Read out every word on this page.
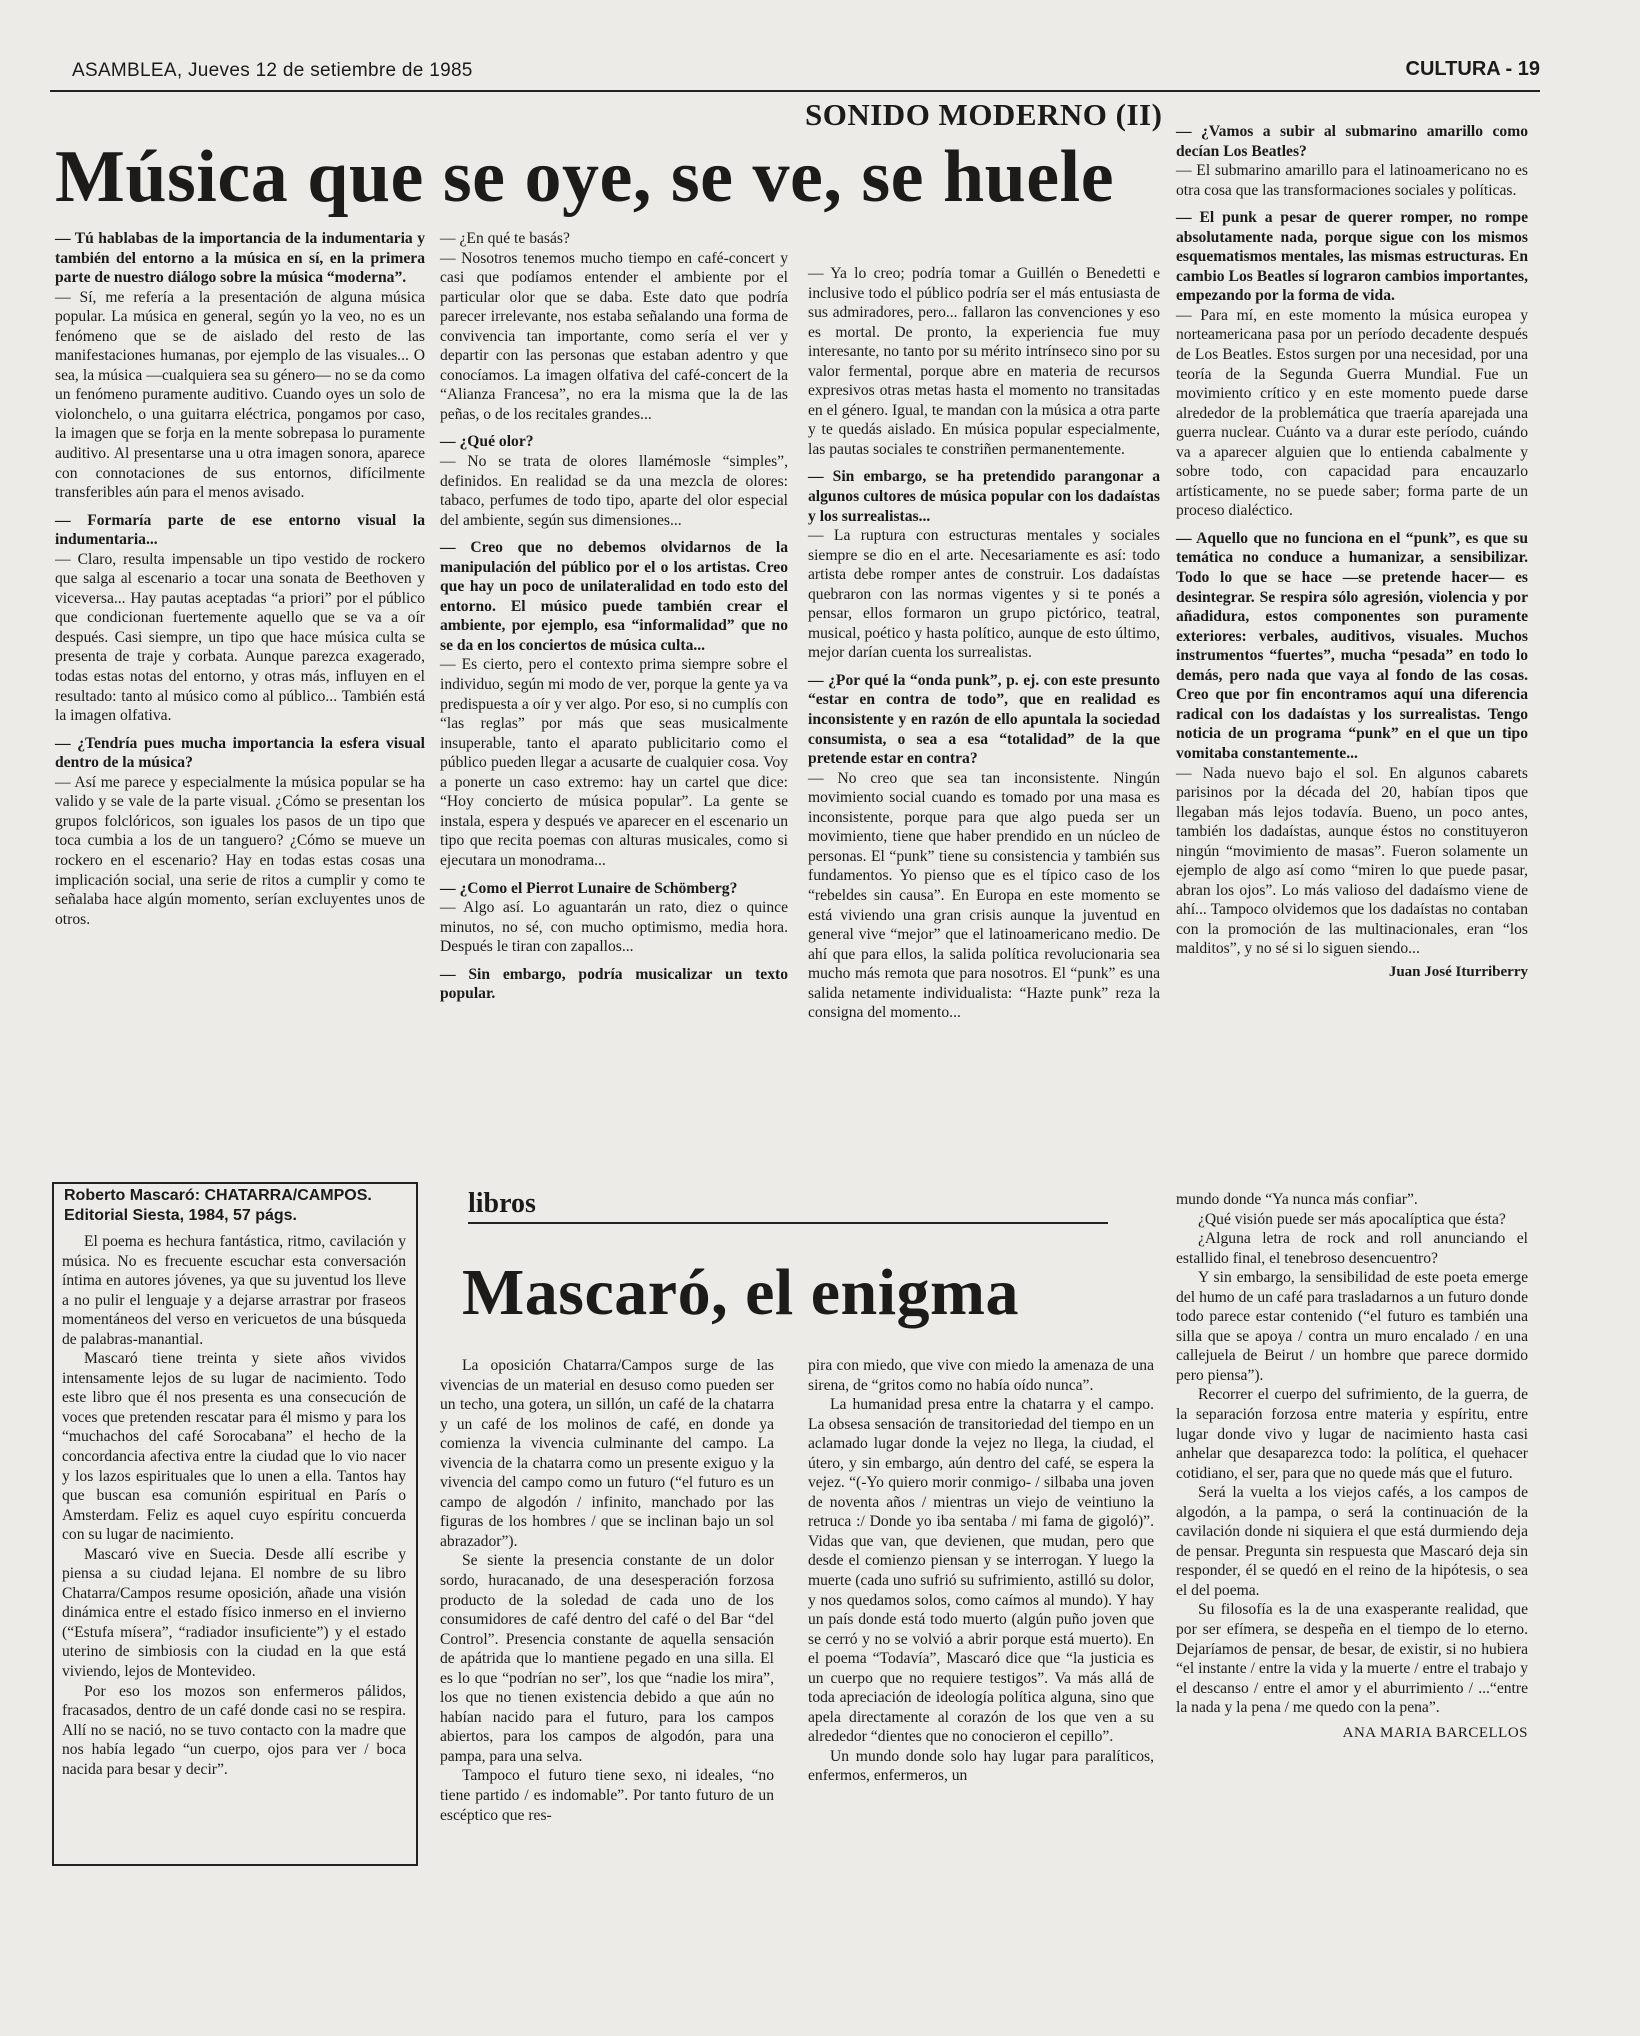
ASAMBLEA, Jueves 12 de setiembre de 1985	CULTURA - 19
SONIDO MODERNO (II)
Música que se oye, se ve, se huele

— Tú hablabas de la importancia de la indumentaria y también del entorno a la música en sí, en la primera parte de nuestro diálogo sobre la música “moderna”.

— Sí, me refería a la presentación de alguna música popular. La música en general, según yo la veo, no es un fenómeno que se de aislado del resto de las manifestaciones humanas, por ejemplo de las visuales... O sea, la música —cualquiera sea su género— no se da como un fenómeno puramente auditivo. Cuando oyes un solo de violonchelo, o una guitarra eléctrica, pongamos por caso, la imagen que se forja en la mente sobrepasa lo puramente auditivo. Al presentarse una u otra imagen sonora, aparece con connotaciones de sus entornos, difícilmente transferibles aún para el menos avisado.

— Formaría parte de ese entorno visual la indumentaria...

— Claro, resulta impensable un tipo vestido de rockero que salga al escenario a tocar una sonata de Beethoven y viceversa... Hay pautas aceptadas “a priori” por el público que condicionan fuertemente aquello que se va a oír después. Casi siempre, un tipo que hace música culta se presenta de traje y corbata. Aunque parezca exagerado, todas estas notas del entorno, y otras más, influyen en el resultado: tanto al músico como al público... También está la imagen olfativa.

— ¿Tendría pues mucha importancia la esfera visual dentro de la música?

— Así me parece y especialmente la música popular se ha valido y se vale de la parte visual. ¿Cómo se presentan los grupos folclóricos, son iguales los pasos de un tipo que toca cumbia a los de un tanguero? ¿Cómo se mueve un rockero en el escenario? Hay en todas estas cosas una implicación social, una serie de ritos a cumplir y como te señalaba hace algún momento, serían excluyentes unos de otros.

— ¿En qué te basás?

— Nosotros tenemos mucho tiempo en café-concert y casi que podíamos entender el ambiente por el particular olor que se daba. Este dato que podría parecer irrelevante, nos estaba señalando una forma de convivencia tan importante, como sería el ver y departir con las personas que estaban adentro y que conocíamos. La imagen olfativa del café-concert de la “Alianza Francesa”, no era la misma que la de las peñas, o de los recitales grandes...

— ¿Qué olor?

— No se trata de olores llamémosle “simples”, definidos. En realidad se da una mezcla de olores: tabaco, perfumes de todo tipo, aparte del olor especial del ambiente, según sus dimensiones...

— Creo que no debemos olvidarnos de la manipulación del público por el o los artistas. Creo que hay un poco de unilateralidad en todo esto del entorno. El músico puede también crear el ambiente, por ejemplo, esa “informalidad” que no se da en los conciertos de música culta...

— Es cierto, pero el contexto prima siempre sobre el individuo, según mi modo de ver, porque la gente ya va predispuesta a oír y ver algo. Por eso, si no cumplís con “las reglas” por más que seas musicalmente insuperable, tanto el aparato publicitario como el público pueden llegar a acusarte de cualquier cosa. Voy a ponerte un caso extremo: hay un cartel que dice: “Hoy concierto de música popular”. La gente se instala, espera y después ve aparecer en el escenario un tipo que recita poemas con alturas musicales, como si ejecutara un monodrama...

— ¿Como el Pierrot Lunaire de Schömberg?

— Algo así. Lo aguantarán un rato, diez o quince minutos, no sé, con mucho optimismo, media hora. Después le tiran con zapallos...

— Sin embargo, podría musicalizar un texto popular.

— Ya lo creo; podría tomar a Guillén o Benedetti e inclusive todo el público podría ser el más entusiasta de sus admiradores, pero... fallaron las convenciones y eso es mortal. De pronto, la experiencia fue muy interesante, no tanto por su mérito intrínseco sino por su valor fermental, porque abre en materia de recursos expresivos otras metas hasta el momento no transitadas en el género. Igual, te mandan con la música a otra parte y te quedás aislado. En música popular especialmente, las pautas sociales te constriñen permanentemente.

— Sin embargo, se ha pretendido parangonar a algunos cultores de música popular con los dadaístas y los surrealistas...

— La ruptura con estructuras mentales y sociales siempre se dio en el arte. Necesariamente es así: todo artista debe romper antes de construir. Los dadaístas quebraron con las normas vigentes y si te ponés a pensar, ellos formaron un grupo pictórico, teatral, musical, poético y hasta político, aunque de esto último, mejor darían cuenta los surrealistas.

— ¿Por qué la “onda punk”, p. ej. con este presunto “estar en contra de todo”, que en realidad es inconsistente y en razón de ello apuntala la sociedad consumista, o sea a esa “totalidad” de la que pretende estar en contra?

— No creo que sea tan inconsistente. Ningún movimiento social cuando es tomado por una masa es inconsistente, porque para que algo pueda ser un movimiento, tiene que haber prendido en un núcleo de personas. El “punk” tiene su consistencia y también sus fundamentos. Yo pienso que es el típico caso de los “rebeldes sin causa”. En Europa en este momento se está viviendo una gran crisis aunque la juventud en general vive “mejor” que el latinoamericano medio. De ahí que para ellos, la salida política revolucionaria sea mucho más remota que para nosotros. El “punk” es una salida netamente individualista: “Hazte punk” reza la consigna del momento...

— ¿Vamos a subir al submarino amarillo como decían Los Beatles?

— El submarino amarillo para el latinoamericano no es otra cosa que las transformaciones sociales y políticas.

— El punk a pesar de querer romper, no rompe absolutamente nada, porque sigue con los mismos esquematismos mentales, las mismas estructuras. En cambio Los Beatles sí lograron cambios importantes, empezando por la forma de vida.

— Para mí, en este momento la música europea y norteamericana pasa por un período decadente después de Los Beatles. Estos surgen por una necesidad, por una teoría de la Segunda Guerra Mundial. Fue un movimiento crítico y en este momento puede darse alrededor de la problemática que traería aparejada una guerra nuclear. Cuánto va a durar este período, cuándo va a aparecer alguien que lo entienda cabalmente y sobre todo, con capacidad para encauzarlo artísticamente, no se puede saber; forma parte de un proceso dialéctico.

— Aquello que no funciona en el “punk”, es que su temática no conduce a humanizar, a sensibilizar. Todo lo que se hace —se pretende hacer— es desintegrar. Se respira sólo agresión, violencia y por añadidura, estos componentes son puramente exteriores: verbales, auditivos, visuales. Muchos instrumentos “fuertes”, mucha “pesada” en todo lo demás, pero nada que vaya al fondo de las cosas. Creo que por fin encontramos aquí una diferencia radical con los dadaístas y los surrealistas. Tengo noticia de un programa “punk” en el que un tipo vomitaba constantemente...

— Nada nuevo bajo el sol. En algunos cabarets parisinos por la década del 20, habían tipos que llegaban más lejos todavía. Bueno, un poco antes, también los dadaístas, aunque éstos no constituyeron ningún “movimiento de masas”. Fueron solamente un ejemplo de algo así como “miren lo que puede pasar, abran los ojos”. Lo más valioso del dadaísmo viene de ahí... Tampoco olvidemos que los dadaístas no contaban con la promoción de las multinacionales, eran “los malditos”, y no sé si lo siguen siendo...

Juan José Iturriberry

Roberto Mascaró: CHATARRA/CAMPOS. Editorial Siesta, 1984, 57 págs.

El poema es hechura fantástica, ritmo, cavilación y música. No es frecuente escuchar esta conversación íntima en autores jóvenes, ya que su juventud los lleve a no pulir el lenguaje y a dejarse arrastrar por fraseos momentáneos del verso en vericuetos de una búsqueda de palabras-manantial.

Mascaró tiene treinta y siete años vividos intensamente lejos de su lugar de nacimiento. Todo este libro que él nos presenta es una consecución de voces que pretenden rescatar para él mismo y para los “muchachos del café Sorocabana” el hecho de la concordancia afectiva entre la ciudad que lo vio nacer y los lazos espirituales que lo unen a ella. Tantos hay que buscan esa comunión espiritual en París o Amsterdam. Feliz es aquel cuyo espíritu concuerda con su lugar de nacimiento.

Mascaró vive en Suecia. Desde allí escribe y piensa a su ciudad lejana. El nombre de su libro Chatarra/Campos resume oposición, añade una visión dinámica entre el estado físico inmerso en el invierno (“Estufa mísera”, “radiador insuficiente”) y el estado uterino de simbiosis con la ciudad en la que está viviendo, lejos de Montevideo.

Por eso los mozos son enfermeros pálidos, fracasados, dentro de un café donde casi no se respira. Allí no se nació, no se tuvo contacto con la madre que nos había legado “un cuerpo, ojos para ver / boca nacida para besar y decir”.

libros
Mascaró, el enigma

La oposición Chatarra/Campos surge de las vivencias de un material en desuso como pueden ser un techo, una gotera, un sillón, un café de la chatarra y un café de los molinos de café, en donde ya comienza la vivencia culminante del campo. La vivencia de la chatarra como un presente exiguo y la vivencia del campo como un futuro (“el futuro es un campo de algodón / infinito, manchado por las figuras de los hombres / que se inclinan bajo un sol abrazador”).

Se siente la presencia constante de un dolor sordo, huracanado, de una desesperación forzosa producto de la soledad de cada uno de los consumidores de café dentro del café o del Bar “del Control”. Presencia constante de aquella sensación de apátrida que lo mantiene pegado en una silla. El es lo que “podrían no ser”, los que “nadie los mira”, los que no tienen existencia debido a que aún no habían nacido para el futuro, para los campos abiertos, para los campos de algodón, para una pampa, para una selva.

Tampoco el futuro tiene sexo, ni ideales, “no tiene partido / es indomable”. Por tanto futuro de un escéptico que res-

pira con miedo, que vive con miedo la amenaza de una sirena, de “gritos como no había oído nunca”.

La humanidad presa entre la chatarra y el campo. La obsesa sensación de transitoriedad del tiempo en un aclamado lugar donde la vejez no llega, la ciudad, el útero, y sin embargo, aún dentro del café, se espera la vejez. “(-Yo quiero morir conmigo- / silbaba una joven de noventa años / mientras un viejo de veintiuno la retruca :/ Donde yo iba sentaba / mi fama de gigoló)”. Vidas que van, que devienen, que mudan, pero que desde el comienzo piensan y se interrogan. Y luego la muerte (cada uno sufrió su sufrimiento, astilló su dolor, y nos quedamos solos, como caímos al mundo). Y hay un país donde está todo muerto (algún puño joven que se cerró y no se volvió a abrir porque está muerto). En el poema “Todavía”, Mascaró dice que “la justicia es un cuerpo que no requiere testigos”. Va más allá de toda apreciación de ideología política alguna, sino que apela directamente al corazón de los que ven a su alrededor “dientes que no conocieron el cepillo”.

Un mundo donde solo hay lugar para paralíticos, enfermos, enfermeros, un

mundo donde “Ya nunca más confiar”.

¿Qué visión puede ser más apocalíptica que ésta?

¿Alguna letra de rock and roll anunciando el estallido final, el tenebroso desencuentro?

Y sin embargo, la sensibilidad de este poeta emerge del humo de un café para trasladarnos a un futuro donde todo parece estar contenido (“el futuro es también una silla que se apoya / contra un muro encalado / en una callejuela de Beirut / un hombre que parece dormido pero piensa”).

Recorrer el cuerpo del sufrimiento, de la guerra, de la separación forzosa entre materia y espíritu, entre lugar donde vivo y lugar de nacimiento hasta casi anhelar que desaparezca todo: la política, el quehacer cotidiano, el ser, para que no quede más que el futuro.

Será la vuelta a los viejos cafés, a los campos de algodón, a la pampa, o será la continuación de la cavilación donde ni siquiera el que está durmiendo deja de pensar. Pregunta sin respuesta que Mascaró deja sin responder, él se quedó en el reino de la hipótesis, o sea el del poema.

Su filosofía es la de una exasperante realidad, que por ser efímera, se despeña en el tiempo de lo eterno. Dejaríamos de pensar, de besar, de existir, si no hubiera “el instante / entre la vida y la muerte / entre el trabajo y el descanso / entre el amor y el aburrimiento / ...“entre la nada y la pena / me quedo con la pena”.

ANA MARIA BARCELLOS
